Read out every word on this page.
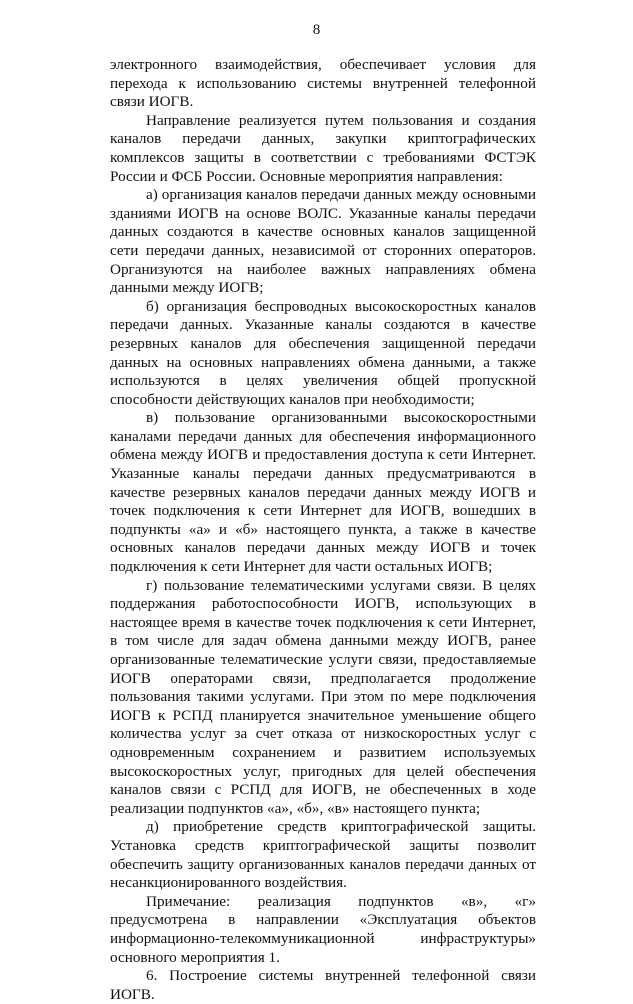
8

электронного взаимодействия, обеспечивает условия для перехода к использованию системы внутренней телефонной связи ИОГВ.

Направление реализуется путем пользования и создания каналов передачи данных, закупки криптографических комплексов защиты в соответствии с требованиями ФСТЭК России и ФСБ России. Основные мероприятия направления:

а) организация каналов передачи данных между основными зданиями ИОГВ на основе ВОЛС. Указанные каналы передачи данных создаются в качестве основных каналов защищенной сети передачи данных, независимой от сторонних операторов. Организуются на наиболее важных направлениях обмена данными между ИОГВ;

б) организация беспроводных высокоскоростных каналов передачи данных. Указанные каналы создаются в качестве резервных каналов для обеспечения защищенной передачи данных на основных направлениях обмена данными, а также используются в целях увеличения общей пропускной способности действующих каналов при необходимости;

в) пользование организованными высокоскоростными каналами передачи данных для обеспечения информационного обмена между ИОГВ и предоставления доступа к сети Интернет. Указанные каналы передачи данных предусматриваются в качестве резервных каналов передачи данных между ИОГВ и точек подключения к сети Интернет для ИОГВ, вошедших в подпункты «а» и «б» настоящего пункта, а также в качестве основных каналов передачи данных между ИОГВ и точек подключения к сети Интернет для части остальных ИОГВ;

г) пользование телематическими услугами связи. В целях поддержания работоспособности ИОГВ, использующих в настоящее время в качестве точек подключения к сети Интернет, в том числе для задач обмена данными между ИОГВ, ранее организованные телематические услуги связи, предоставляемые ИОГВ операторами связи, предполагается продолжение пользования такими услугами. При этом по мере подключения ИОГВ к РСПД планируется значительное уменьшение общего количества услуг за счет отказа от низкоскоростных услуг с одновременным сохранением и развитием используемых высокоскоростных услуг, пригодных для целей обеспечения каналов связи с РСПД для ИОГВ, не обеспеченных в ходе реализации подпунктов «а», «б», «в» настоящего пункта;

д) приобретение средств криптографической защиты. Установка средств криптографической защиты позволит обеспечить защиту организованных каналов передачи данных от несанкционированного воздействия.

Примечание: реализация подпунктов «в», «г» предусмотрена в направлении «Эксплуатация объектов информационно-телекоммуникационной инфраструктуры» основного мероприятия 1.

6. Построение системы внутренней телефонной связи ИОГВ.
